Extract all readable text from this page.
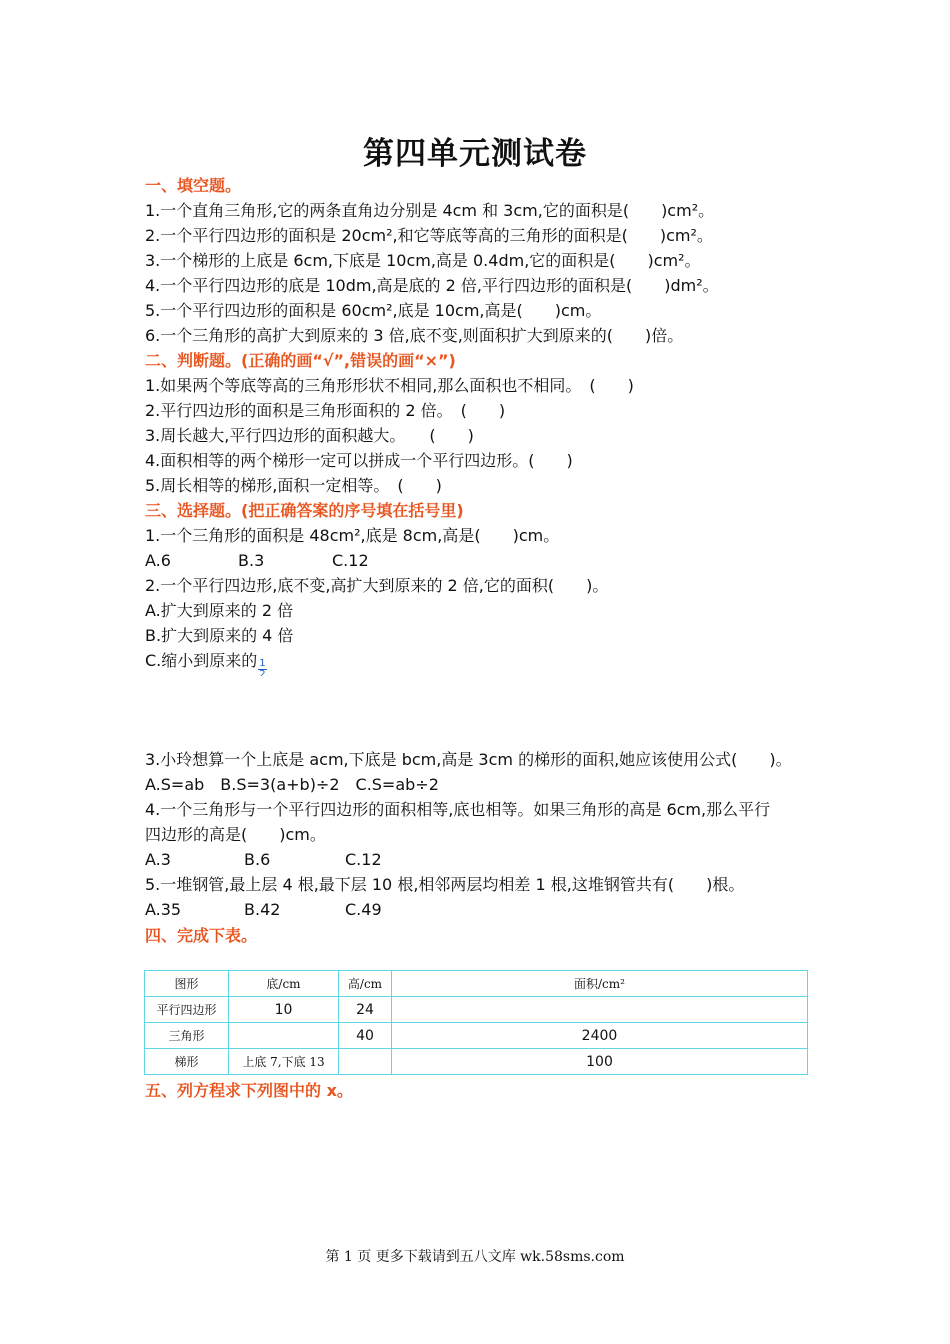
第四单元测试卷
一、填空题。
1.一个直角三角形,它的两条直角边分别是 4cm 和 3cm,它的面积是(　　)cm²。
2.一个平行四边形的面积是 20cm²,和它等底等高的三角形的面积是(　　)cm²。
3.一个梯形的上底是 6cm,下底是 10cm,高是 0.4dm,它的面积是(　　)cm²。
4.一个平行四边形的底是 10dm,高是底的 2 倍,平行四边形的面积是(　　)dm²。
5.一个平行四边形的面积是 60cm²,底是 10cm,高是(　　)cm。
6.一个三角形的高扩大到原来的 3 倍,底不变,则面积扩大到原来的(　　)倍。
二、判断题。(正确的画“√”,错误的画“×”)
1.如果两个等底等高的三角形形状不相同,那么面积也不相同。　(　　)
2.平行四边形的面积是三角形面积的 2 倍。　(　　)
3.周长越大,平行四边形的面积越大。　　(　　)
4.面积相等的两个梯形一定可以拼成一个平行四边形。(　　)
5.周长相等的梯形,面积一定相等。　(　　)
三、选择题。(把正确答案的序号填在括号里)
1.一个三角形的面积是 48cm²,底是 8cm,高是(　　)cm。
A.6	B.3	C.12
2.一个平行四边形,底不变,高扩大到原来的 2 倍,它的面积(　　)。
A.扩大到原来的 2 倍
B.扩大到原来的 4 倍
C.缩小到原来的 $\frac{1}{2}$
3.小玲想算一个上底是 acm,下底是 bcm,高是 3cm 的梯形的面积,她应该使用公式(　　)。
A.S=ab　B.S=3(a+b)÷2　C.S=ab÷2
4.一个三角形与一个平行四边形的面积相等,底也相等。如果三角形的高是 6cm,那么平行
四边形的高是(　　)cm。
A.3	B.6	C.12
5.一堆钢管,最上层 4 根,最下层 10 根,相邻两层均相差 1 根,这堆钢管共有(　　)根。
A.35	B.42	C.49
四、完成下表。
图形	底/cm	高/cm	面积/cm²
平行四边形	10	24	
三角形		40	2400
梯形	上底 7,下底 13		100
五、列方程求下列图中的 x。
第 1 页 更多下载请到五八文库 wk.58sms.com
